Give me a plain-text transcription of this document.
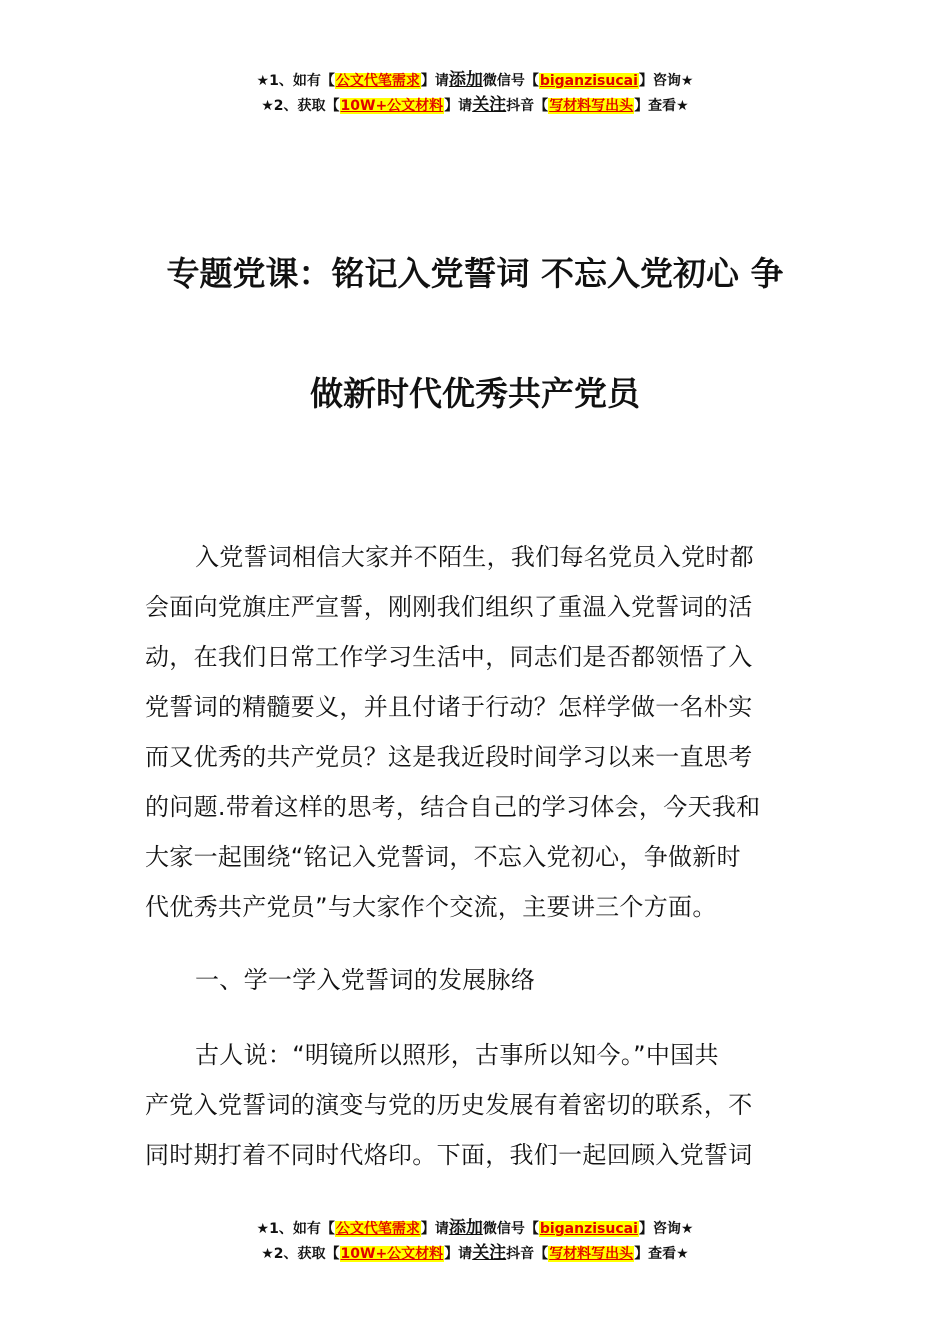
★1、如有【公文代笔需求】请添加微信号【biganzisucai】咨询★
★2、获取【10W+公文材料】请关注抖音【写材料写出头】查看★
专题党课：铭记入党誓词 不忘入党初心 争
做新时代优秀共产党员
入党誓词相信大家并不陌生，我们每名党员入党时都
会面向党旗庄严宣誓，刚刚我们组织了重温入党誓词的活
动，在我们日常工作学习生活中，同志们是否都领悟了入
党誓词的精髓要义，并且付诸于行动？怎样学做一名朴实
而又优秀的共产党员？这是我近段时间学习以来一直思考
的问题.带着这样的思考，结合自己的学习体会，今天我和
大家一起围绕“铭记入党誓词，不忘入党初心，争做新时
代优秀共产党员”与大家作个交流，主要讲三个方面。
一、学一学入党誓词的发展脉络
古人说：“明镜所以照形，古事所以知今。”中国共
产党入党誓词的演变与党的历史发展有着密切的联系，不
同时期打着不同时代烙印。下面，我们一起回顾入党誓词
★1、如有【公文代笔需求】请添加微信号【biganzisucai】咨询★
★2、获取【10W+公文材料】请关注抖音【写材料写出头】查看★
